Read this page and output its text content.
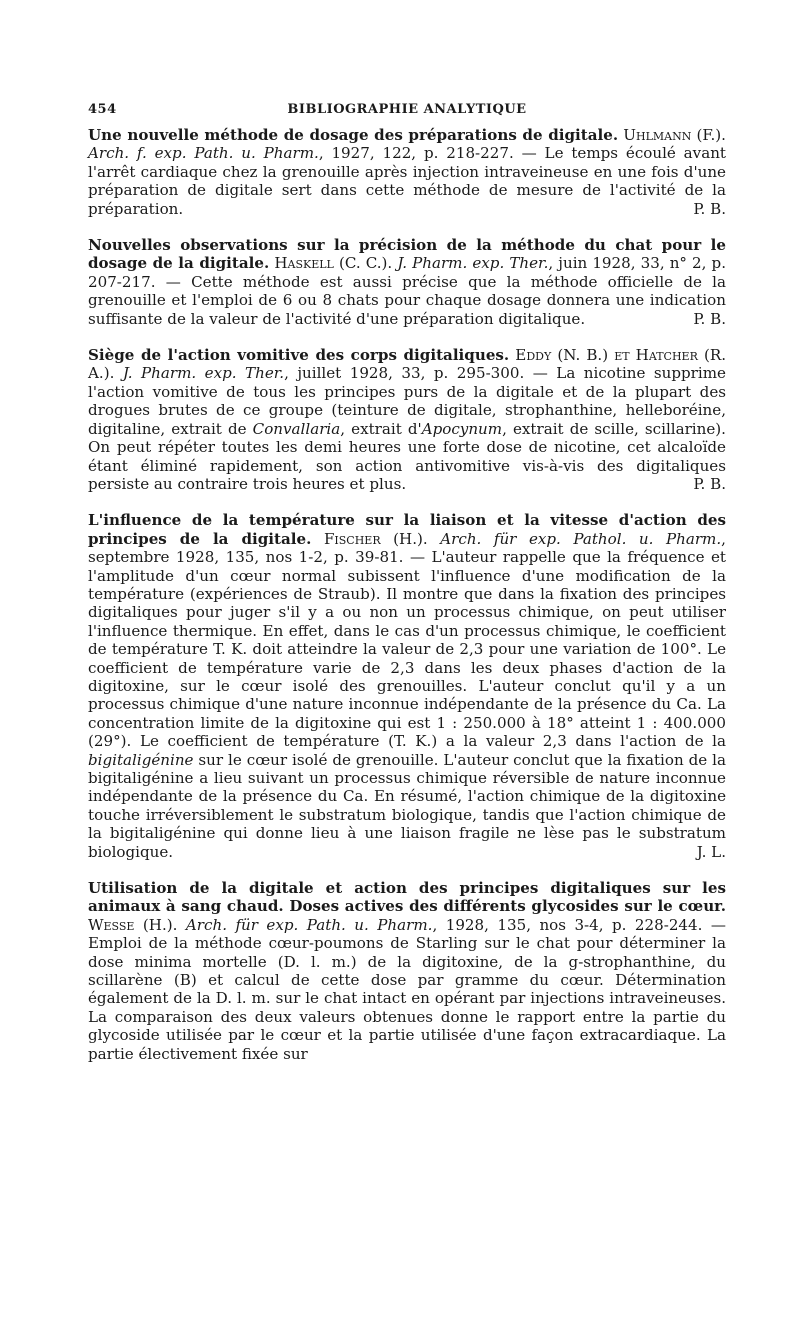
454	BIBLIOGRAPHIE ANALYTIQUE

Une nouvelle méthode de dosage des préparations de digitale. Uhlmann (F.). Arch. f. exp. Path. u. Pharm., 1927, 122, p. 218-227. — Le temps écoulé avant l'arrêt cardiaque chez la grenouille après injection intraveineuse en une fois d'une préparation de digitale sert dans cette méthode de mesure de l'activité de la préparation.	P. B.

Nouvelles observations sur la précision de la méthode du chat pour le dosage de la digitale. Haskell (C. C.). J. Pharm. exp. Ther., juin 1928, 33, n° 2, p. 207-217. — Cette méthode est aussi précise que la méthode officielle de la grenouille et l'emploi de 6 ou 8 chats pour chaque dosage donnera une indication suffisante de la valeur de l'activité d'une préparation digitalique.	P. B.

Siège de l'action vomitive des corps digitaliques. Eddy (N. B.) et Hatcher (R. A.). J. Pharm. exp. Ther., juillet 1928, 33, p. 295-300. — La nicotine supprime l'action vomitive de tous les principes purs de la digitale et de la plupart des drogues brutes de ce groupe (teinture de digitale, strophanthine, helleboréine, digitaline, extrait de Convallaria, extrait d'Apocynum, extrait de scille, scillarine). On peut répéter toutes les demi heures une forte dose de nicotine, cet alcaloïde étant éliminé rapidement, son action antivomitive vis-à-vis des digitaliques persiste au contraire trois heures et plus.	P. B.

L'influence de la température sur la liaison et la vitesse d'action des principes de la digitale. Fischer (H.). Arch. für exp. Pathol. u. Pharm., septembre 1928, 135, nos 1-2, p. 39-81. — L'auteur rappelle que la fréquence et l'amplitude d'un cœur normal subissent l'influence d'une modification de la température (expériences de Straub). Il montre que dans la fixation des principes digitaliques pour juger s'il y a ou non un processus chimique, on peut utiliser l'influence thermique. En effet, dans le cas d'un processus chimique, le coefficient de température T. K. doit atteindre la valeur de 2,3 pour une variation de 100°. Le coefficient de température varie de 2,3 dans les deux phases d'action de la digitoxine, sur le cœur isolé des grenouilles. L'auteur conclut qu'il y a un processus chimique d'une nature inconnue indépendante de la présence du Ca. La concentration limite de la digitoxine qui est 1 : 250.000 à 18° atteint 1 : 400.000 (29°). Le coefficient de température (T. K.) a la valeur 2,3 dans l'action de la bigitaligénine sur le cœur isolé de grenouille. L'auteur conclut que la fixation de la bigitaligénine a lieu suivant un processus chimique réversible de nature inconnue indépendante de la présence du Ca. En résumé, l'action chimique de la digitoxine touche irréversiblement le substratum biologique, tandis que l'action chimique de la bigitaligénine qui donne lieu à une liaison fragile ne lèse pas le substratum biologique.	J. L.

Utilisation de la digitale et action des principes digitaliques sur les animaux à sang chaud. Doses actives des différents glycosides sur le cœur. Wesse (H.). Arch. für exp. Path. u. Pharm., 1928, 135, nos 3-4, p. 228-244. — Emploi de la méthode cœur-poumons de Starling sur le chat pour déterminer la dose minima mortelle (D. l. m.) de la digitoxine, de la g-strophanthine, du scillarène (B) et calcul de cette dose par gramme du cœur. Détermination également de la D. l. m. sur le chat intact en opérant par injections intraveineuses. La comparaison des deux valeurs obtenues donne le rapport entre la partie du glycoside utilisée par le cœur et la partie utilisée d'une façon extracardiaque. La partie électivement fixée sur
